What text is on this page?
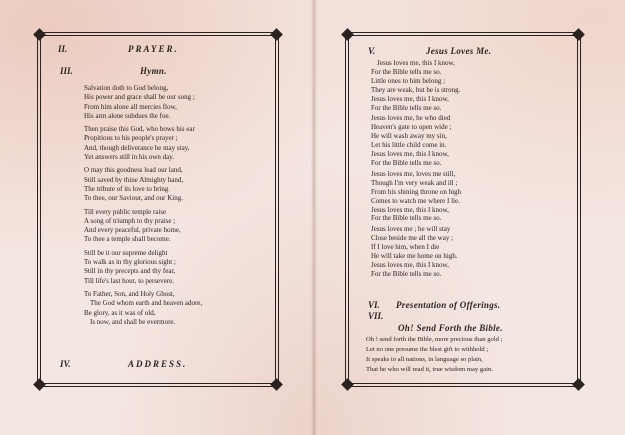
II.	PRAYER.
III.	Hymn.
Salvation doth to God belong,
His power and grace shall be our song ;
From him alone all mercies flow,
His arm alone subdues the foe.
Then praise this God, who bows his ear
Propitious to his people's prayer ;
And, though deliverance he may stay,
Yet answers still in his own day.
O may this goodness lead our land,
Still saved by thine Almighty hand,
The tribute of its love to bring
To thee, our Saviour, and our King.
Till every public temple raise
A song of triumph to thy praise ;
And every peaceful, private home,
To thee a temple shall become.
Still be it our supreme delight
To walk as in thy glorious sight ;
Still in thy precepts and thy fear,
Till life's last hour, to persevere.
To Father, Son, and Holy Ghost,
The God whom earth and heaven adore,
Be glory, as it was of old,
Is now, and shall be evermore.
IV.	ADDRESS.
V.	Jesus Loves Me.
Jesus loves me, this I know,
For the Bible tells me so.
Little ones to him belong ;
They are weak, but he is strong.
Jesus loves me, this I know,
For the Bible tells me so.
Jesus loves me, he who died
Heaven's gate to open wide ;
He will wash away my sin,
Let his little child come in.
Jesus loves me, this I know,
For the Bible tells me so.
Jesus loves me, loves me still,
Though I'm very weak and ill ;
From his shining throne on high
Comes to watch me where I lie.
Jesus loves me, this I know,
For the Bible tells me so.
Jesus loves me ; he will stay
Close beside me all the way ;
If I love him, when I die
He will take me home on high.
Jesus loves me, this I know,
For the Bible tells me so.
VI. Presentation of Offerings.
VII.
Oh! Send Forth the Bible.
Oh ! send forth the Bible, more precious than gold ;
Let no one presume the blest gift to withhold ;
It speaks to all nations, in language so plain,
That he who will read it, true wisdom may gain.
